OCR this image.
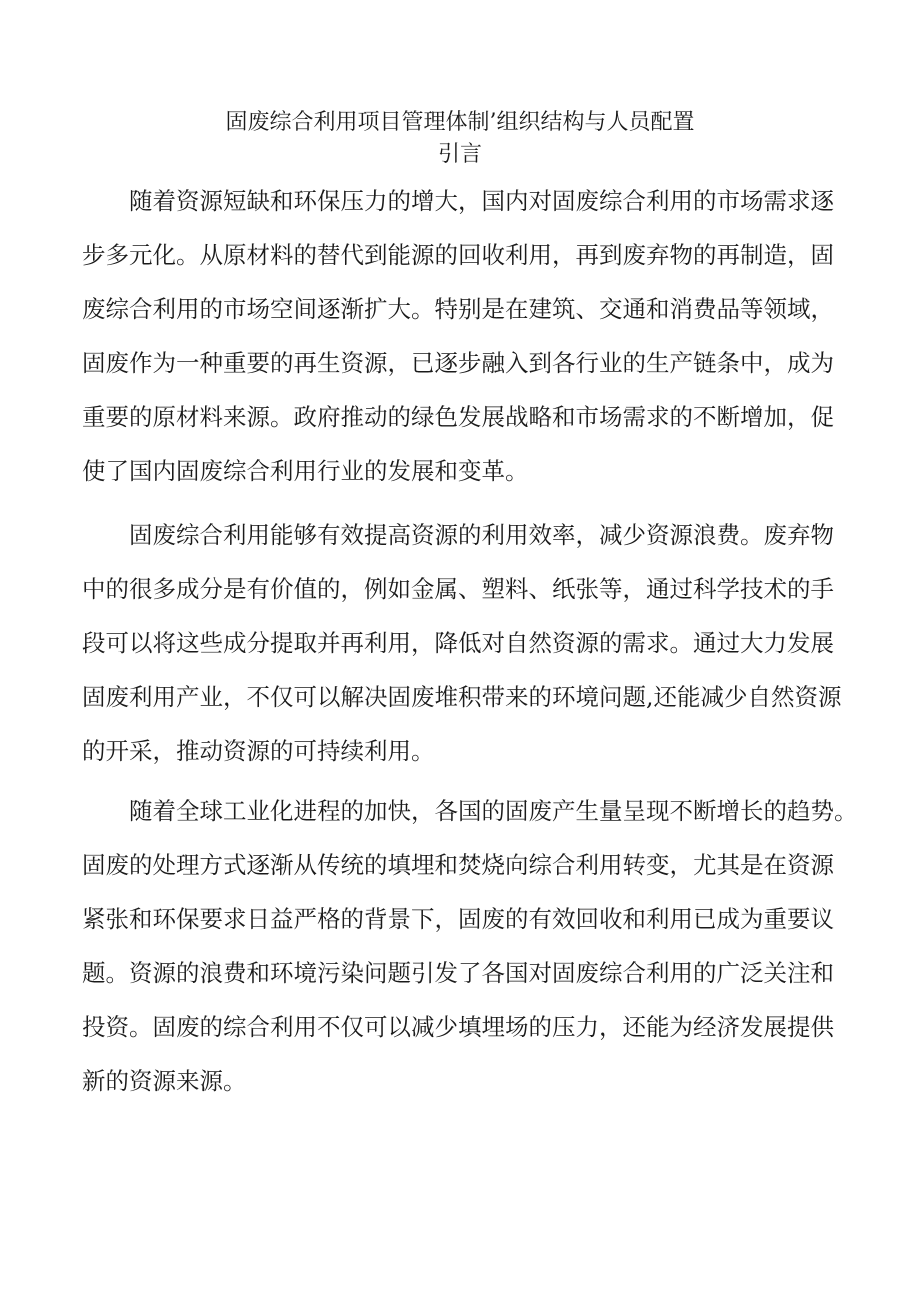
固废综合利用项目管理体制’组织结构与人员配置
引言
随着资源短缺和环保压力的增大，国内对固废综合利用的市场需求逐
步多元化。从原材料的替代到能源的回收利用，再到废弃物的再制造，固
废综合利用的市场空间逐渐扩大。特别是在建筑、交通和消费品等领域，
固废作为一种重要的再生资源，已逐步融入到各行业的生产链条中，成为
重要的原材料来源。政府推动的绿色发展战略和市场需求的不断增加，促
使了国内固废综合利用行业的发展和变革。
固废综合利用能够有效提高资源的利用效率，减少资源浪费。废弃物
中的很多成分是有价值的，例如金属、塑料、纸张等，通过科学技术的手
段可以将这些成分提取并再利用，降低对自然资源的需求。通过大力发展
固废利用产业，不仅可以解决固废堆积带来的环境问题,还能减少自然资源
的开采，推动资源的可持续利用。
随着全球工业化进程的加快，各国的固废产生量呈现不断增长的趋势。
固废的处理方式逐渐从传统的填埋和焚烧向综合利用转变，尤其是在资源
紧张和环保要求日益严格的背景下，固废的有效回收和利用已成为重要议
题。资源的浪费和环境污染问题引发了各国对固废综合利用的广泛关注和
投资。固废的综合利用不仅可以减少填埋场的压力，还能为经济发展提供
新的资源来源。
